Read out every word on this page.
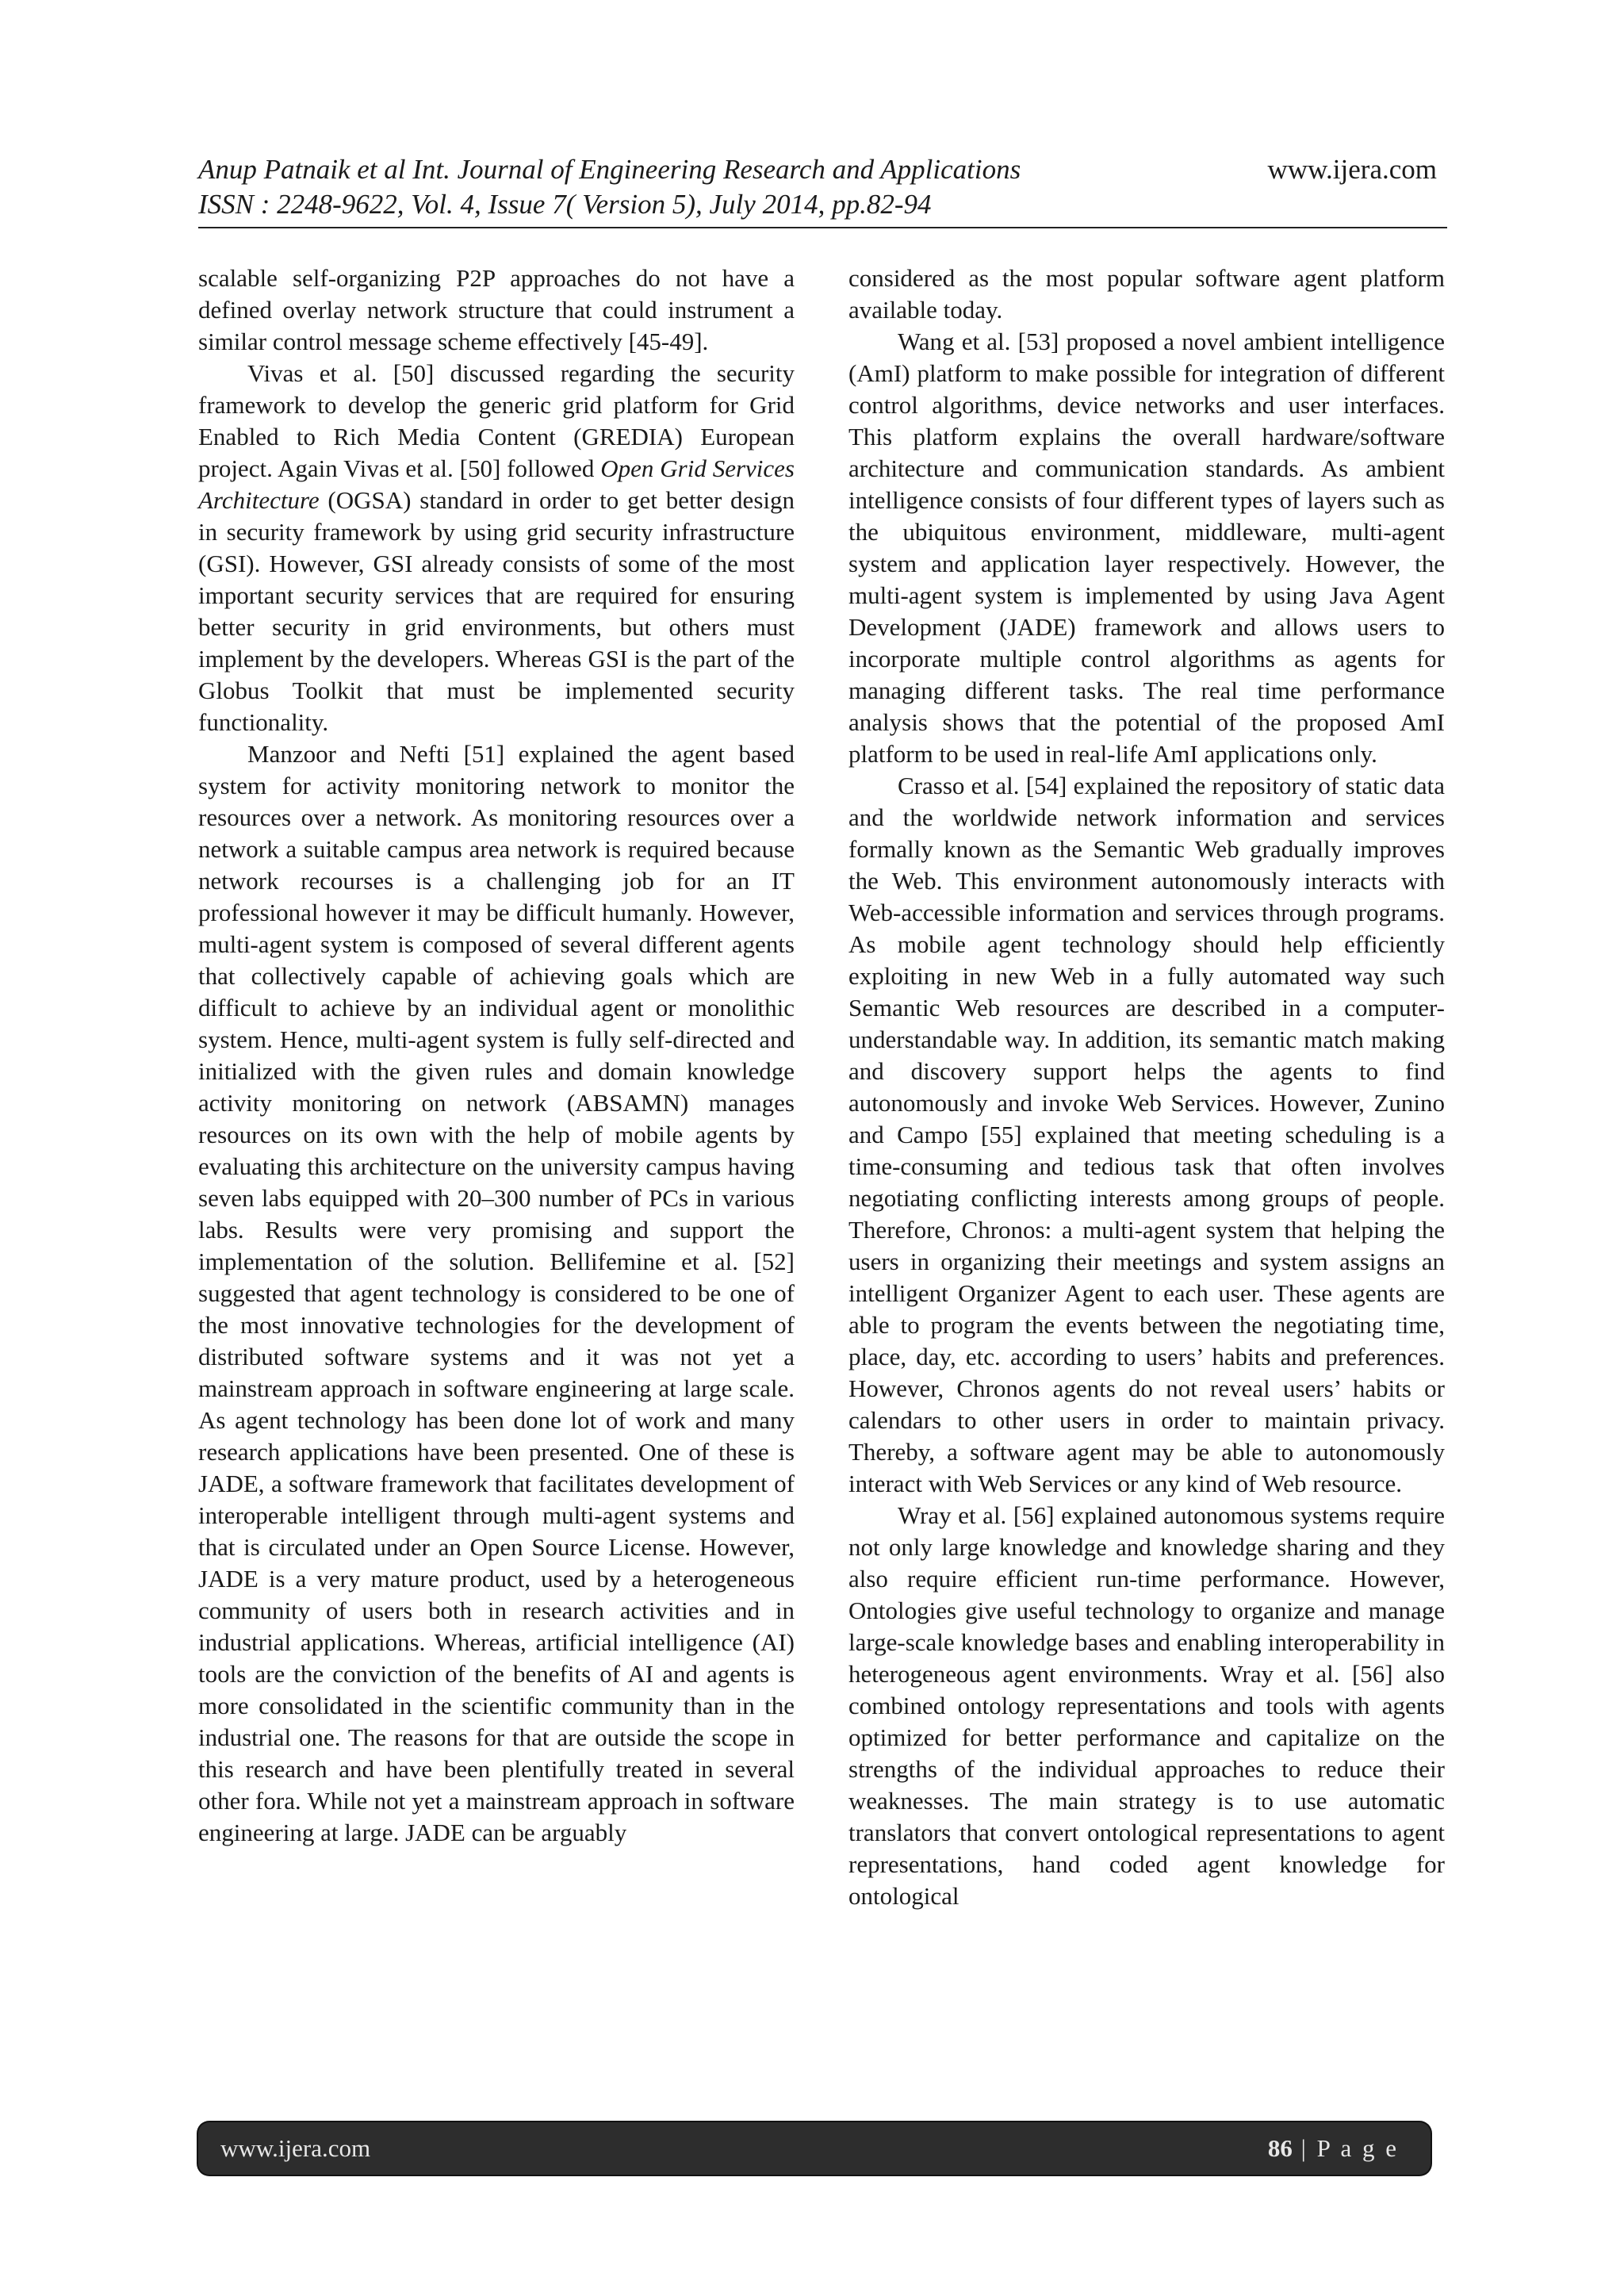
Anup Patnaik et al Int. Journal of Engineering Research and Applications
ISSN : 2248-9622, Vol. 4, Issue 7( Version 5), July 2014, pp.82-94
www.ijera.com

scalable self-organizing P2P approaches do not have a defined overlay network structure that could instrument a similar control message scheme effectively [45-49].

Vivas et al. [50] discussed regarding the security framework to develop the generic grid platform for Grid Enabled to Rich Media Content (GREDIA) European project. Again Vivas et al. [50] followed Open Grid Services Architecture (OGSA) standard in order to get better design in security framework by using grid security infrastructure (GSI). However, GSI already consists of some of the most important security services that are required for ensuring better security in grid environments, but others must implement by the developers. Whereas GSI is the part of the Globus Toolkit that must be implemented security functionality.

Manzoor and Nefti [51] explained the agent based system for activity monitoring network to monitor the resources over a network. As monitoring resources over a network a suitable campus area network is required because network recourses is a challenging job for an IT professional however it may be difficult humanly. However, multi-agent system is composed of several different agents that collectively capable of achieving goals which are difficult to achieve by an individual agent or monolithic system. Hence, multi-agent system is fully self-directed and initialized with the given rules and domain knowledge activity monitoring on network (ABSAMN) manages resources on its own with the help of mobile agents by evaluating this architecture on the university campus having seven labs equipped with 20–300 number of PCs in various labs. Results were very promising and support the implementation of the solution. Bellifemine et al. [52] suggested that agent technology is considered to be one of the most innovative technologies for the development of distributed software systems and it was not yet a mainstream approach in software engineering at large scale. As agent technology has been done lot of work and many research applications have been presented. One of these is JADE, a software framework that facilitates development of interoperable intelligent through multi-agent systems and that is circulated under an Open Source License. However, JADE is a very mature product, used by a heterogeneous community of users both in research activities and in industrial applications. Whereas, artificial intelligence (AI) tools are the conviction of the benefits of AI and agents is more consolidated in the scientific community than in the industrial one. The reasons for that are outside the scope in this research and have been plentifully treated in several other fora. While not yet a mainstream approach in software engineering at large. JADE can be arguably

considered as the most popular software agent platform available today.

Wang et al. [53] proposed a novel ambient intelligence (AmI) platform to make possible for integration of different control algorithms, device networks and user interfaces. This platform explains the overall hardware/software architecture and communication standards. As ambient intelligence consists of four different types of layers such as the ubiquitous environment, middleware, multi-agent system and application layer respectively. However, the multi-agent system is implemented by using Java Agent Development (JADE) framework and allows users to incorporate multiple control algorithms as agents for managing different tasks. The real time performance analysis shows that the potential of the proposed AmI platform to be used in real-life AmI applications only.

Crasso et al. [54] explained the repository of static data and the worldwide network information and services formally known as the Semantic Web gradually improves the Web. This environment autonomously interacts with Web-accessible information and services through programs. As mobile agent technology should help efficiently exploiting in new Web in a fully automated way such Semantic Web resources are described in a computer-understandable way. In addition, its semantic match making and discovery support helps the agents to find autonomously and invoke Web Services. However, Zunino and Campo [55] explained that meeting scheduling is a time-consuming and tedious task that often involves negotiating conflicting interests among groups of people. Therefore, Chronos: a multi-agent system that helping the users in organizing their meetings and system assigns an intelligent Organizer Agent to each user. These agents are able to program the events between the negotiating time, place, day, etc. according to users’ habits and preferences. However, Chronos agents do not reveal users’ habits or calendars to other users in order to maintain privacy. Thereby, a software agent may be able to autonomously interact with Web Services or any kind of Web resource.

Wray et al. [56] explained autonomous systems require not only large knowledge and knowledge sharing and they also require efficient run-time performance. However, Ontologies give useful technology to organize and manage large-scale knowledge bases and enabling interoperability in heterogeneous agent environments. Wray et al. [56] also combined ontology representations and tools with agents optimized for better performance and capitalize on the strengths of the individual approaches to reduce their weaknesses. The main strategy is to use automatic translators that convert ontological representations to agent representations, hand coded agent knowledge for ontological

www.ijera.com	86 | P a g e
